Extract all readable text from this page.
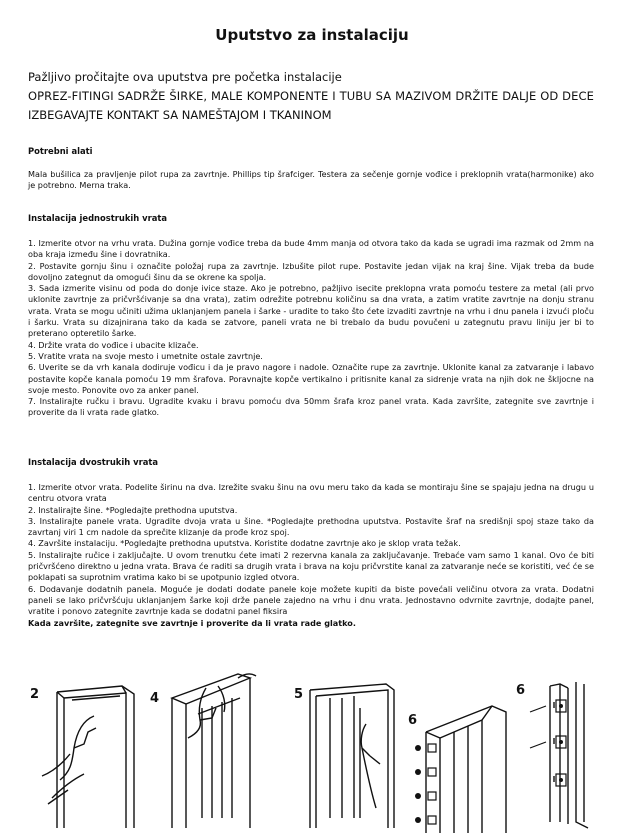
Uputstvo za instalaciju
Pažljivo pročitajte ova uputstva pre početka instalacije
OPREZ-FITINGI SADRŽE ŠIRKE, MALE KOMPONENTE I TUBU SA MAZIVOM DRŽITE DALJE OD DECE
IZBEGAVAJTE KONTAKT SA NAMEŠTAJOM I TKANINOM
Potrebni alati
Mala bušilica za pravljenje pilot rupa za zavrtnje. Phillips tip šrafciger. Testera za sečenje gornje vođice i preklopnih vrata(harmonike) ako je potrebno. Merna traka.
Instalacija jednostrukih vrata

1. Izmerite otvor na vrhu vrata. Dužina gornje vođice treba da bude 4mm manja od otvora tako da kada se ugradi ima razmak od 2mm na oba kraja između šine i dovratnika.

2. Postavite gornju šinu i označite položaj rupa za zavrtnje. Izbušite pilot rupe. Postavite jedan vijak na kraj šine. Vijak treba da bude dovoljno zategnut da omogući šinu da se okrene ka spolja.

3. Sada izmerite visinu od poda do donje ivice staze. Ako je potrebno, pažljivo isecite preklopna vrata pomoću testere za metal (ali prvo uklonite zavrtnje za pričvršćivanje sa dna vrata), zatim odrežite potrebnu količinu sa dna vrata, a zatim vratite zavrtnje na donju stranu vrata. Vrata se mogu učiniti užima uklanjanjem panela i šarke - uradite to tako što ćete izvaditi zavrtnje na vrhu i dnu panela i izvući ploču i šarku. Vrata su dizajnirana tako da kada se zatvore, paneli vrata ne bi trebalo da budu povučeni u zategnutu pravu liniju jer bi to preterano opteretilo šarke.

4. Držite vrata do vođice i ubacite klizače.

5. Vratite vrata na svoje mesto i umetnite ostale zavrtnje.

6. Uverite se da vrh kanala dodiruje vođicu i da je pravo nagore i nadole. Označite rupe za zavrtnje. Uklonite kanal za zatvaranje i labavo postavite kopče kanala pomoću 19 mm šrafova. Poravnajte kopče vertikalno i pritisnite kanal za sidrenje vrata na njih dok ne škljocne na svoje mesto. Ponovite ovo za anker panel.

7. Instalirajte ručku i bravu. Ugradite kvaku i bravu pomoću dva 50mm šrafa kroz panel vrata. Kada završite, zategnite sve zavrtnje i proverite da li vrata rade glatko.

Instalacija dvostrukih vrata

1. Izmerite otvor vrata. Podelite širinu na dva. Izrežite svaku šinu na ovu meru tako da kada se montiraju šine se spajaju jedna na drugu u centru otvora vrata

2. Instalirajte šine. *Pogledajte prethodna uputstva.

3. Instalirajte panele vrata. Ugradite dvoja vrata u šine. *Pogledajte prethodna uputstva. Postavite šraf na središnji spoj staze tako da zavrtanj viri 1 cm nadole da sprečite klizanje da prođe kroz spoj.

4. Završite instalaciju. *Pogledajte prethodna uputstva. Koristite dodatne zavrtnje ako je sklop vrata težak.

5. Instalirajte ručice i zaključajte. U ovom trenutku ćete imati 2 rezervna kanala za zaključavanje. Trebaće vam samo 1 kanal. Ovo će biti pričvršćeno direktno u jedna vrata. Brava će raditi sa drugih vrata i brava na koju pričvrstite kanal za zatvaranje neće se koristiti, već će se poklapati sa suprotnim vratima kako bi se upotpunio izgled otvora.

6. Dodavanje dodatnih panela. Moguće je dodati dodate panele koje možete kupiti da biste povećali veličinu otvora za vrata. Dodatni paneli se lako pričvršćuju uklanjanjem šarke koji drže panele zajedno na vrhu i dnu vrata. Jednostavno odvrnite zavrtnje, dodajte panel, vratite i ponovo zategnite zavrtnje kada se dodatni panel fiksira

Kada završite, zategnite sve zavrtnje i proverite da li vrata rade glatko.

2	4	5
6
6
